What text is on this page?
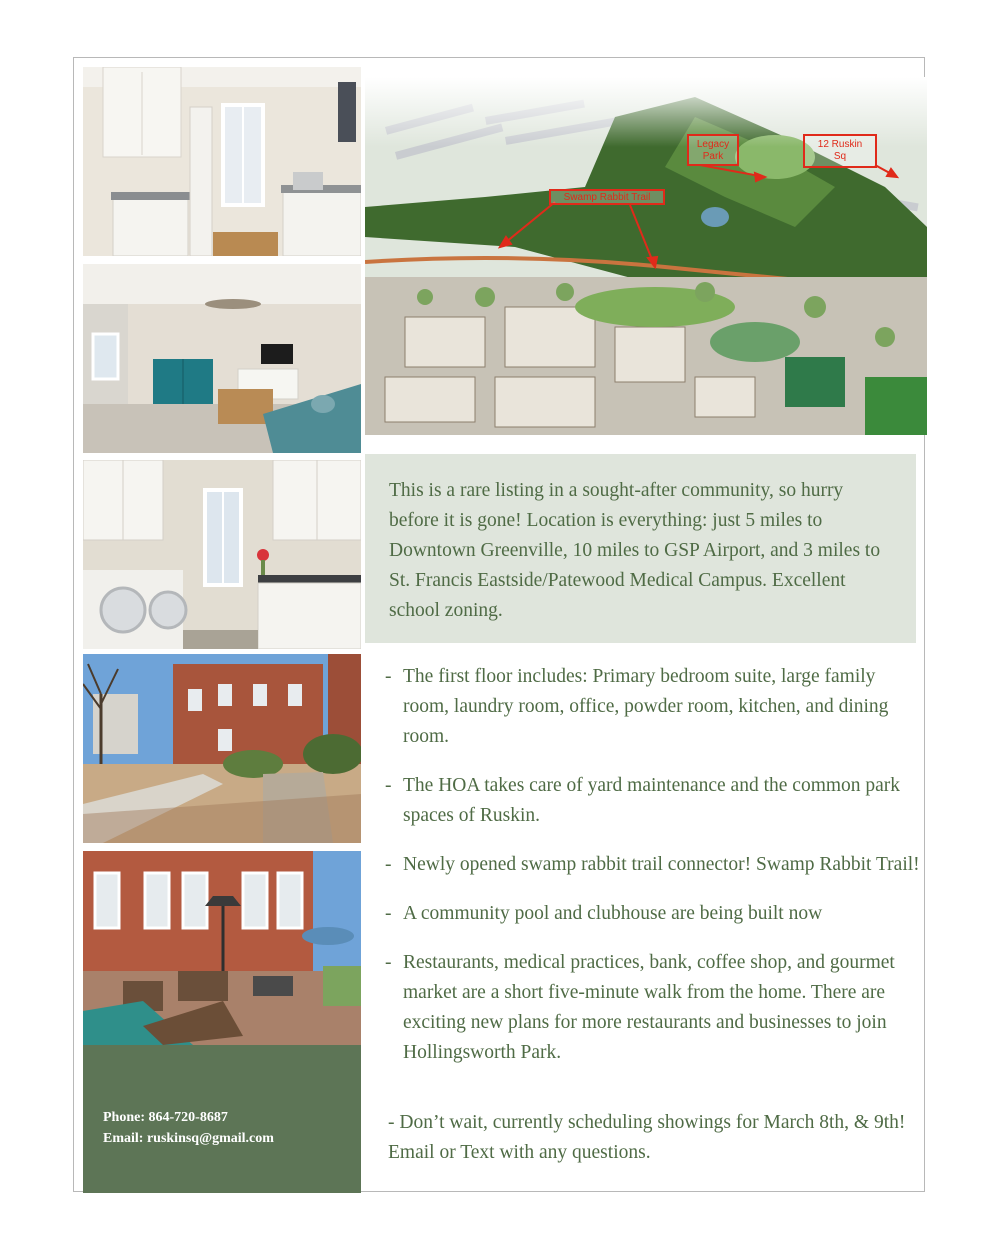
Phone: 864-720-8687
Email: ruskinsq@gmail.com
Legacy Park
12 Ruskin Sq
Swamp Rabbit Trail
This is a rare listing in a sought-after community, so hurry before it is gone! Location is everything: just 5 miles to Downtown Greenville, 10 miles to GSP Airport, and 3 miles to St. Francis Eastside/Patewood Medical Campus. Excellent school zoning.

- The first floor includes: Primary bedroom suite, large family room, laundry room, office, powder room, kitchen, and dining room.

- The HOA takes care of yard maintenance and the common park spaces of Ruskin.

- Newly opened swamp rabbit trail connector! Swamp Rabbit Trail!

- A community pool and clubhouse are being built now

- Restaurants, medical practices, bank, coffee shop, and gourmet market are a short five-minute walk from the home. There are exciting new plans for more restaurants and businesses to join Hollingsworth Park.

- Don’t wait, currently scheduling showings for March 8th, & 9th! Email or Text with any questions.
